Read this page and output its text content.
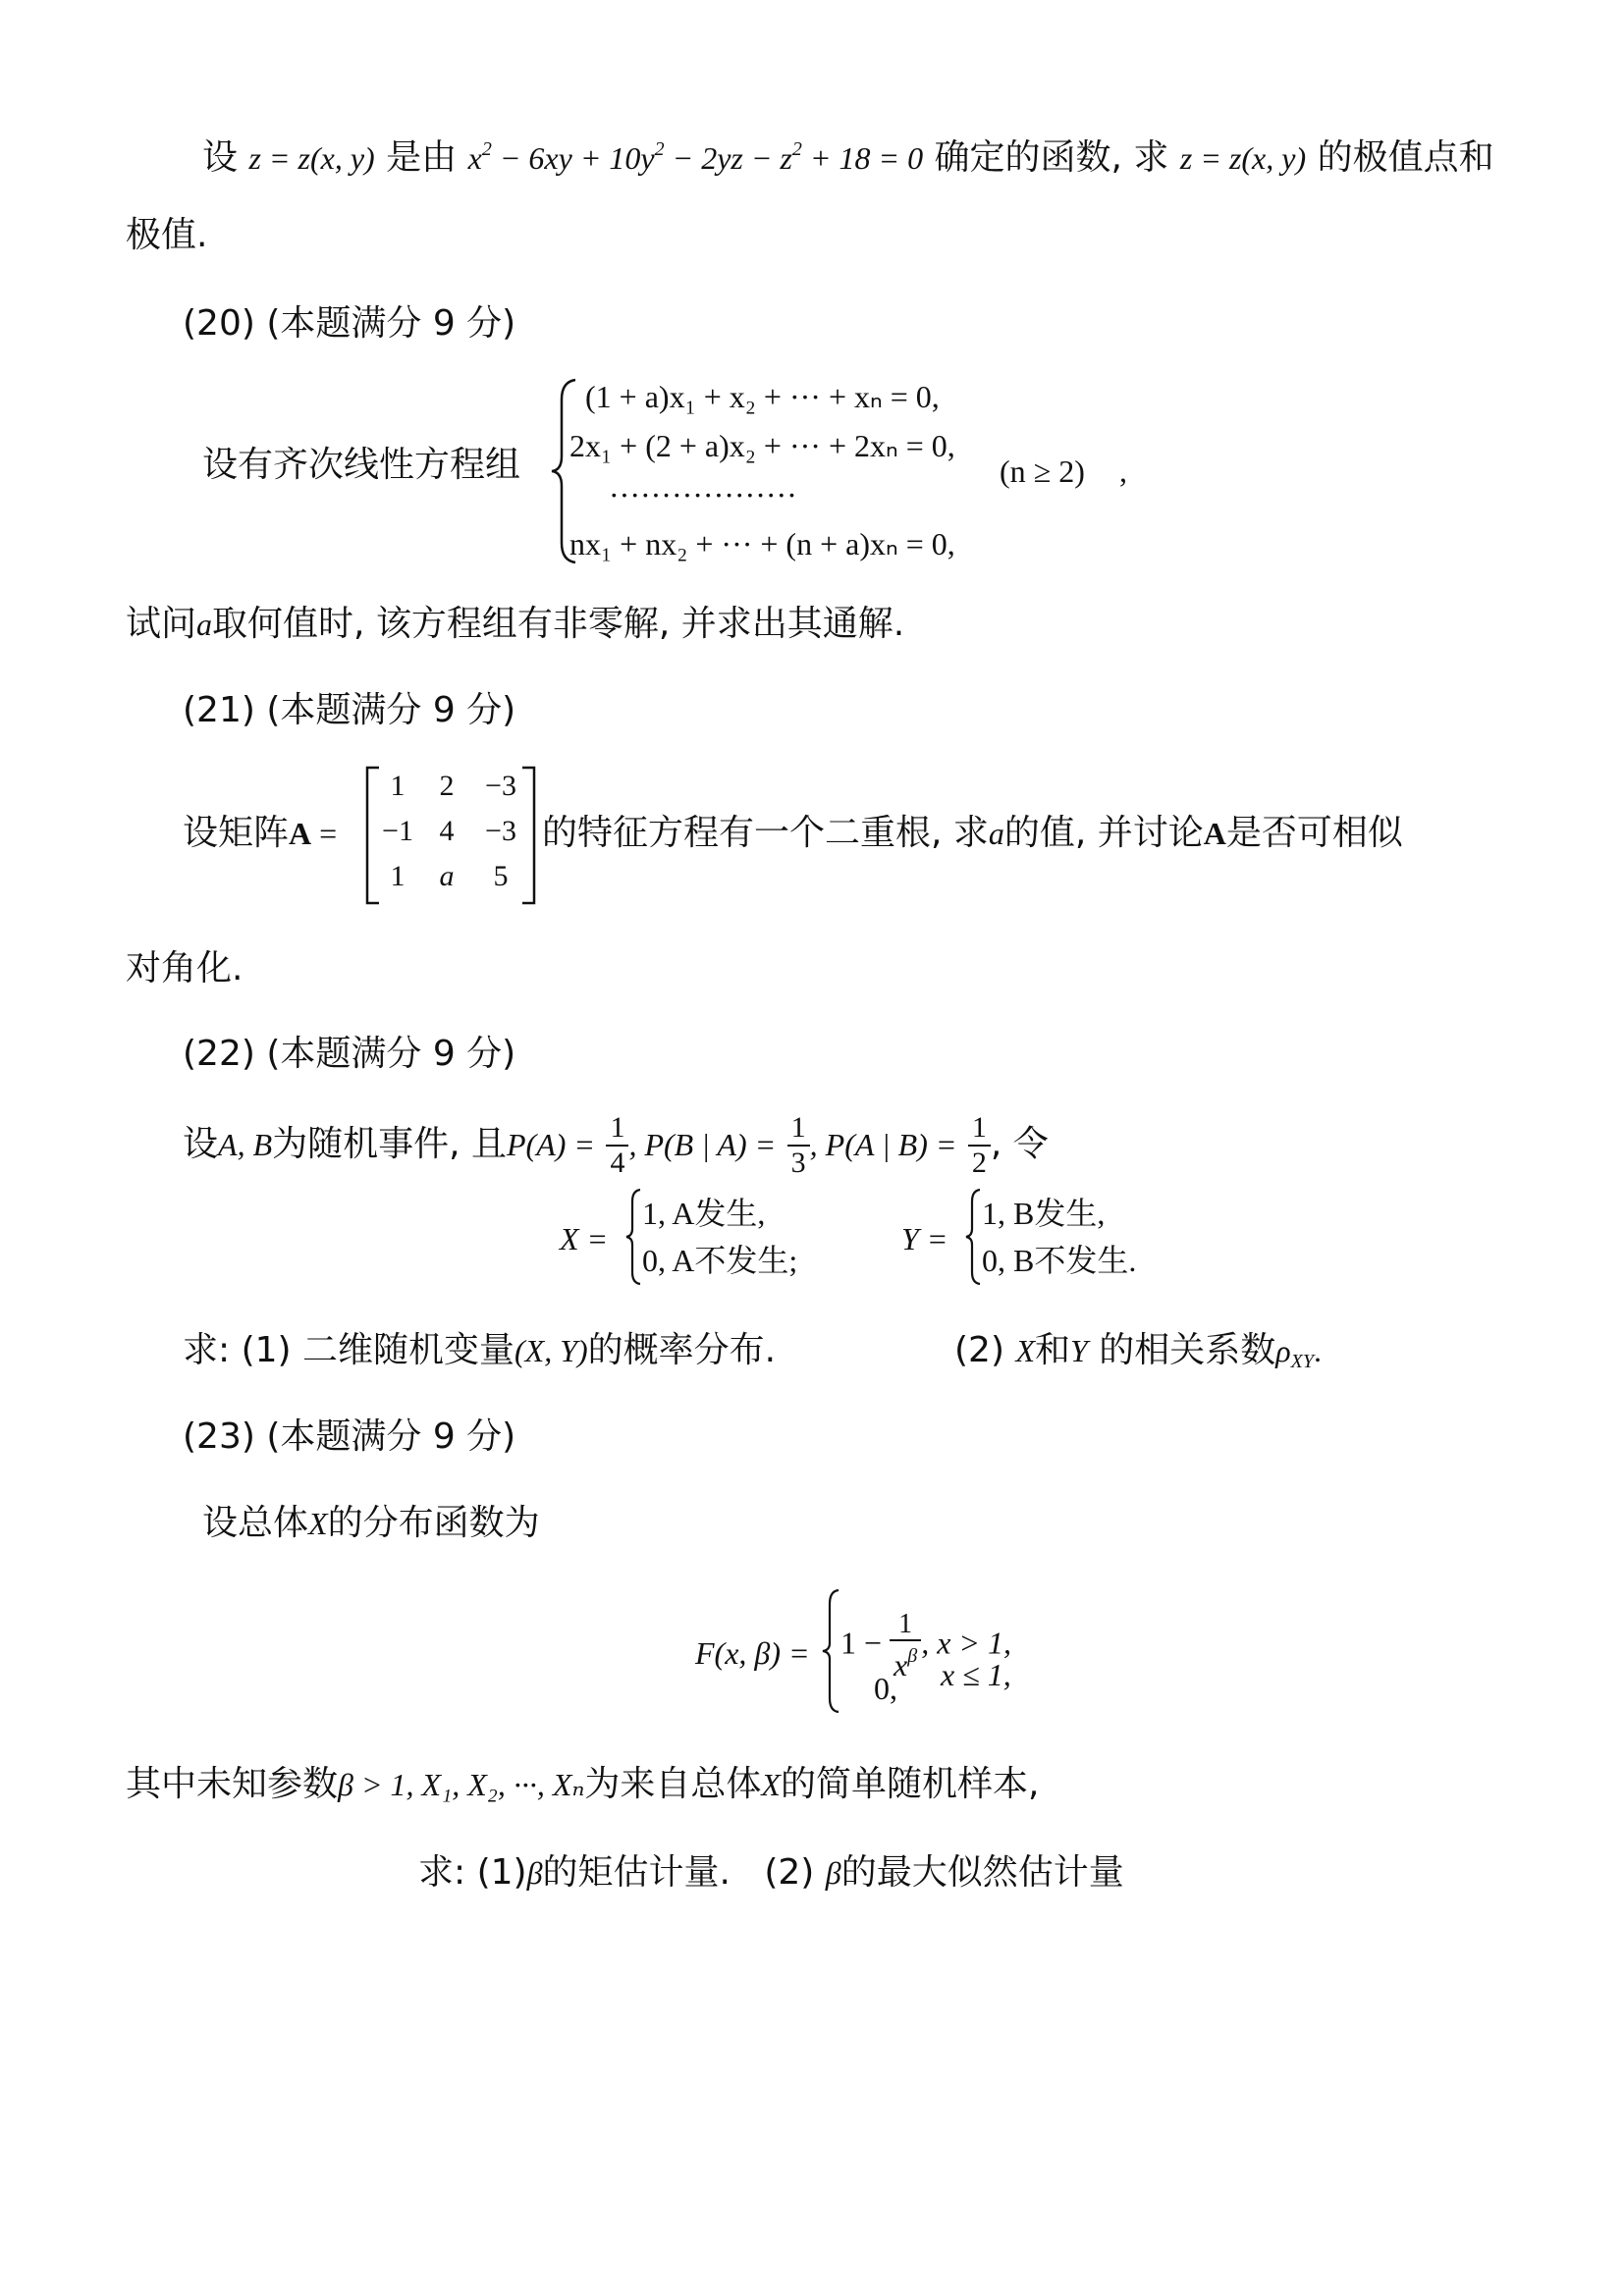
设 z = z(x, y) 是由 $x^2 - 6xy + 10y^2 - 2yz - z^2 + 18 = 0$ 确定的函数, 求 z = z(x, y) 的极值点和
极值.
(20) (本题满分 9 分)
设有齐次线性方程组
(1 + a)x₁ + x₂ + ··· + xₙ = 0,
2x₁ + (2 + a)x₂ + ··· + 2xₙ = 0,
··················
nx₁ + nx₂ + ··· + (n + a)xₙ = 0,
(n ≥ 2) ,
试问a取何值时, 该方程组有非零解, 并求出其通解.
(21) (本题满分 9 分)
设矩阵A =
1	2	−3
−1 4	−3
1	a	5
的特征方程有一个二重根, 求a的值, 并讨论A是否可相似
对角化.
(22) (本题满分 9 分)
设A, B为随机事件, 且$P(A) = \frac{1}{4}$ , P(B | $A) = \frac{1}{3}$ , P(A | $B) = \frac{1}{2}$ , 令
X =
1, A发生,
0, A不发生;
Y =
1, B发生,
0, B不发生.
求: (1) 二维随机变量(X, Y)的概率分布.	(2) X和Y 的相关系数$\rho_{XY}$.
(23) (本题满分 9 分)
设总体X的分布函数为
F(x, $\beta) = 1 - \frac{1}{x^\beta}$ , x > 1,
0, x ≤ 1,
其中未知参数β > 1, X₁, X₂, ···, Xₙ为来自总体X的简单随机样本,
求: (1)β的矩估计量. (2) β的最大似然估计量
